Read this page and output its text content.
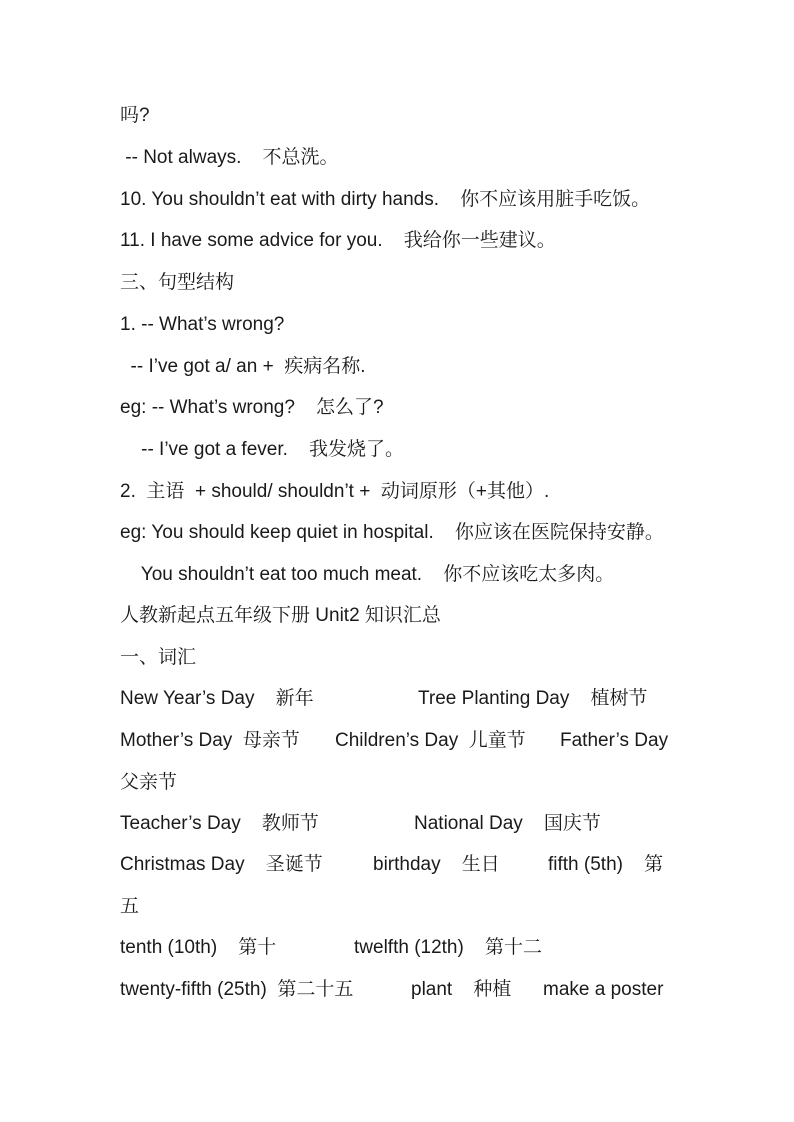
吗?
-- Not always.    不总洗。
10. You shouldn’t eat with dirty hands.    你不应该用脏手吃饭。
11. I have some advice for you.    我给你一些建议。
三、句型结构
1. -- What’s wrong?
-- I’ve got a/ an +  疾病名称.
eg: -- What’s wrong?    怎么了?
-- I’ve got a fever.    我发烧了。
2.  主语  + should/ shouldn’t +  动词原形（+其他）.
eg: You should keep quiet in hospital.    你应该在医院保持安静。
You shouldn’t eat too much meat.    你不应该吃太多肉。
人教新起点五年级下册 Unit2 知识汇总
一、词汇
New Year’s Day    新年	Tree Planting Day    植树节
Mother’s Day  母亲节 Children’s Day  儿童节 Father’s Day
父亲节
Teacher’s Day    教师节	National Day    国庆节
Christmas Day    圣诞节	birthday    生日	fifth (5th)    第
五
tenth (10th)    第十	twelfth (12th)    第十二
twenty-fifth (25th)  第二十五	plant    种植 make a poster
